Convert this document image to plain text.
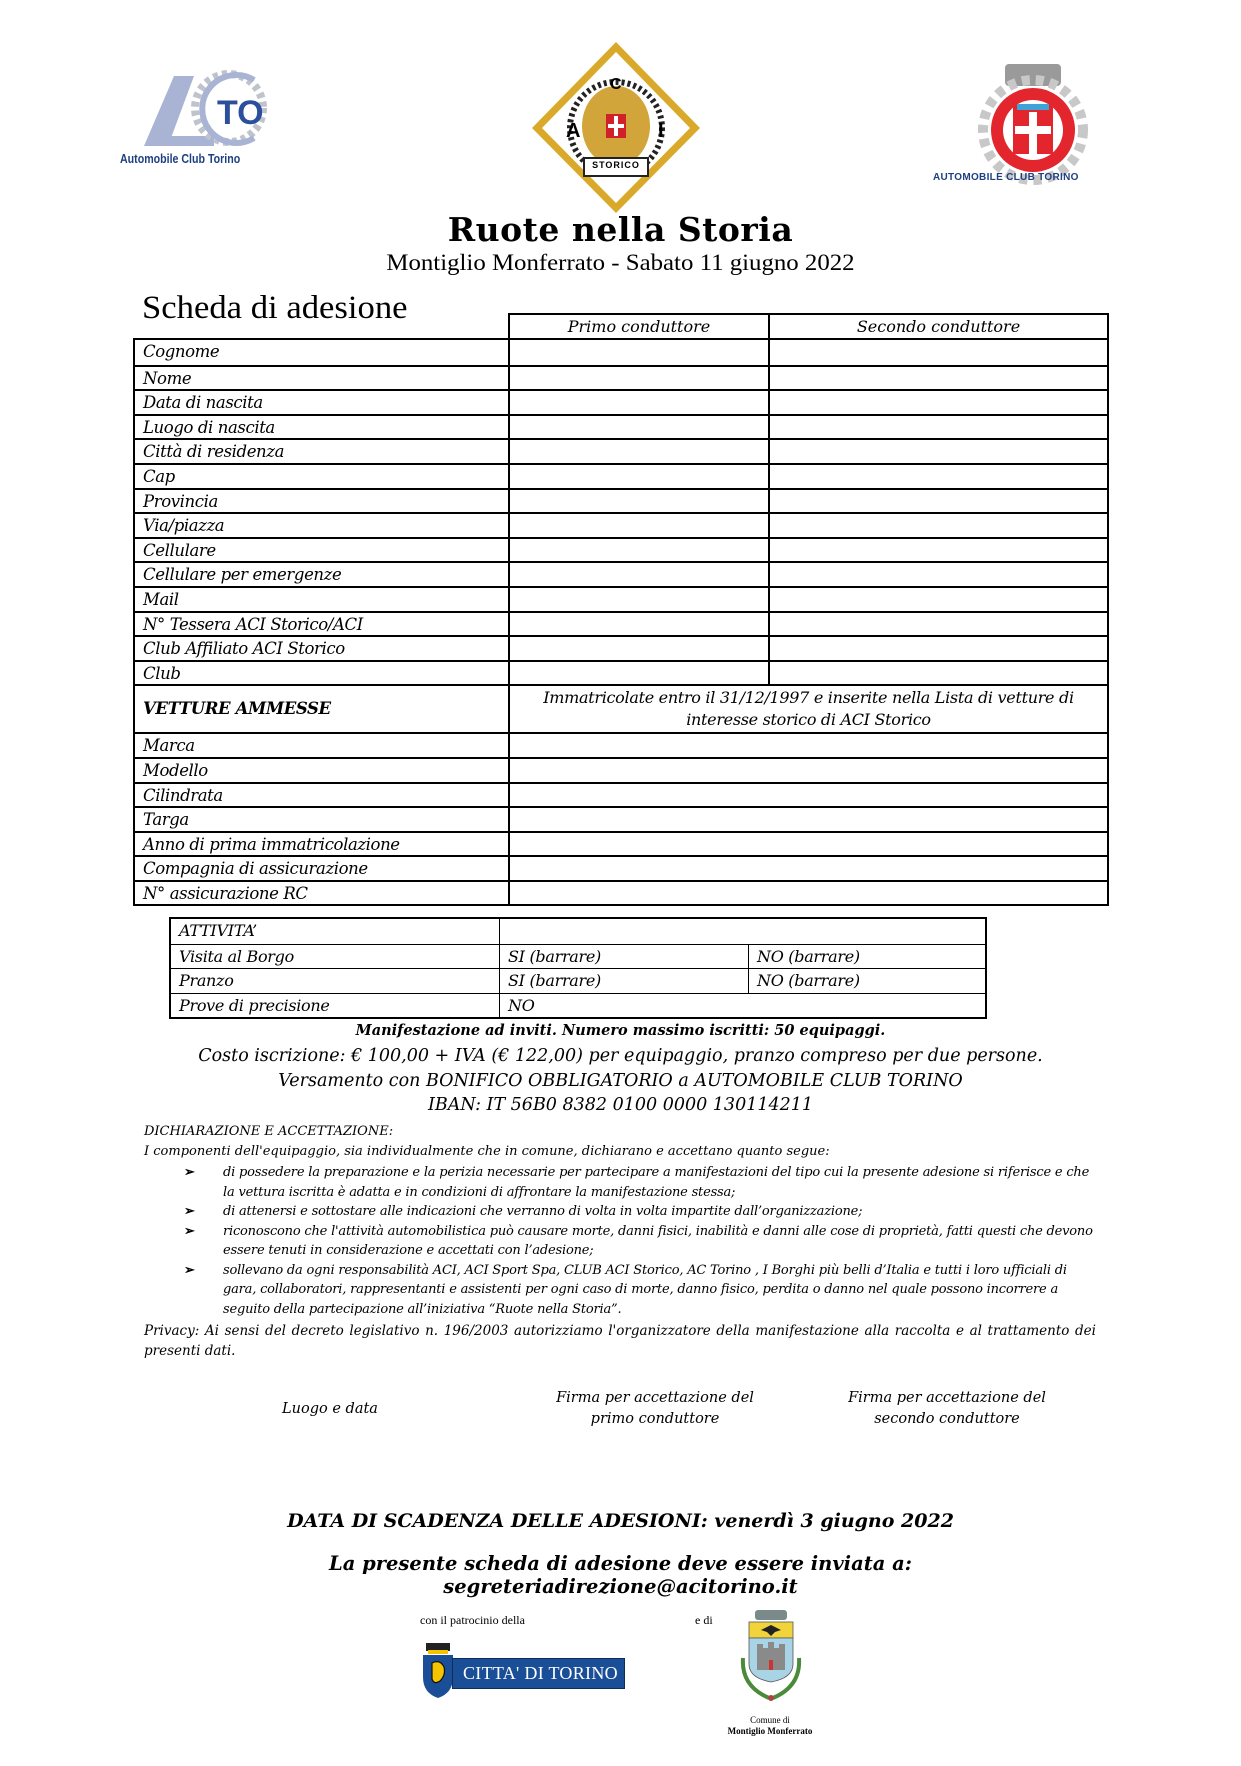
TO
Automobile Club Torino
C
A	I
STORICO
AUTOMOBILE CLUB TORINO
Ruote nella Storia
Montiglio Monferrato - Sabato 11 giugno 2022
Scheda di adesione
Primo conduttore	Secondo conduttore
Cognome
Nome
Data di nascita
Luogo di nascita
Città di residenza
Cap
Provincia
Via/piazza
Cellulare
Cellulare per emergenze
Mail
N° Tessera ACI Storico/ACI
Club Affiliato ACI Storico
Club
VETTURE AMMESSE
Immatricolate entro il 31/12/1997 e inserite nella Lista di vetture di interesse storico di ACI Storico
Marca
Modello
Cilindrata
Targa
Anno di prima immatricolazione
Compagnia di assicurazione
N° assicurazione RC
ATTIVITA’
Visita al Borgo	SI (barrare)	NO (barrare)
Pranzo	SI (barrare)	NO (barrare)
Prove di precisione	NO
Manifestazione ad inviti. Numero massimo iscritti: 50 equipaggi.
Costo iscrizione: € 100,00 + IVA (€ 122,00) per equipaggio, pranzo compreso per due persone.
Versamento con BONIFICO OBBLIGATORIO a AUTOMOBILE CLUB TORINO
IBAN: IT 56B0 8382 0100 0000 130114211
DICHIARAZIONE E ACCETTAZIONE:
I componenti dell'equipaggio, sia individualmente che in comune, dichiarano e accettano quanto segue:
➢ di possedere la preparazione e la perizia necessarie per partecipare a manifestazioni del tipo cui la presente adesione si riferisce e che la vettura iscritta è adatta e in condizioni di affrontare la manifestazione stessa;
➢ di attenersi e sottostare alle indicazioni che verranno di volta in volta impartite dall’organizzazione;
➢ riconoscono che l'attività automobilistica può causare morte, danni fisici, inabilità e danni alle cose di proprietà, fatti questi che devono essere tenuti in considerazione e accettati con l’adesione;
➢ sollevano da ogni responsabilità ACI, ACI Sport Spa, CLUB ACI Storico, AC Torino , I Borghi più belli d’Italia e tutti i loro ufficiali di gara, collaboratori, rappresentanti e assistenti per ogni caso di morte, danno fisico, perdita o danno nel quale possono incorrere a seguito della partecipazione all’iniziativa “Ruote nella Storia”.
Privacy: Ai sensi del decreto legislativo n. 196/2003 autorizziamo l'organizzatore della manifestazione alla raccolta e al trattamento dei presenti dati.
Luogo e data
Firma per accettazione del
primo conduttore
Firma per accettazione del
secondo conduttore
DATA DI SCADENZA DELLE ADESIONI: venerdì 3 giugno 2022
La presente scheda di adesione deve essere inviata a:
segreteriadirezione@acitorino.it
con il patrocinio della	e di
CITTA' DI TORINO
Comune di
Montiglio Monferrato
